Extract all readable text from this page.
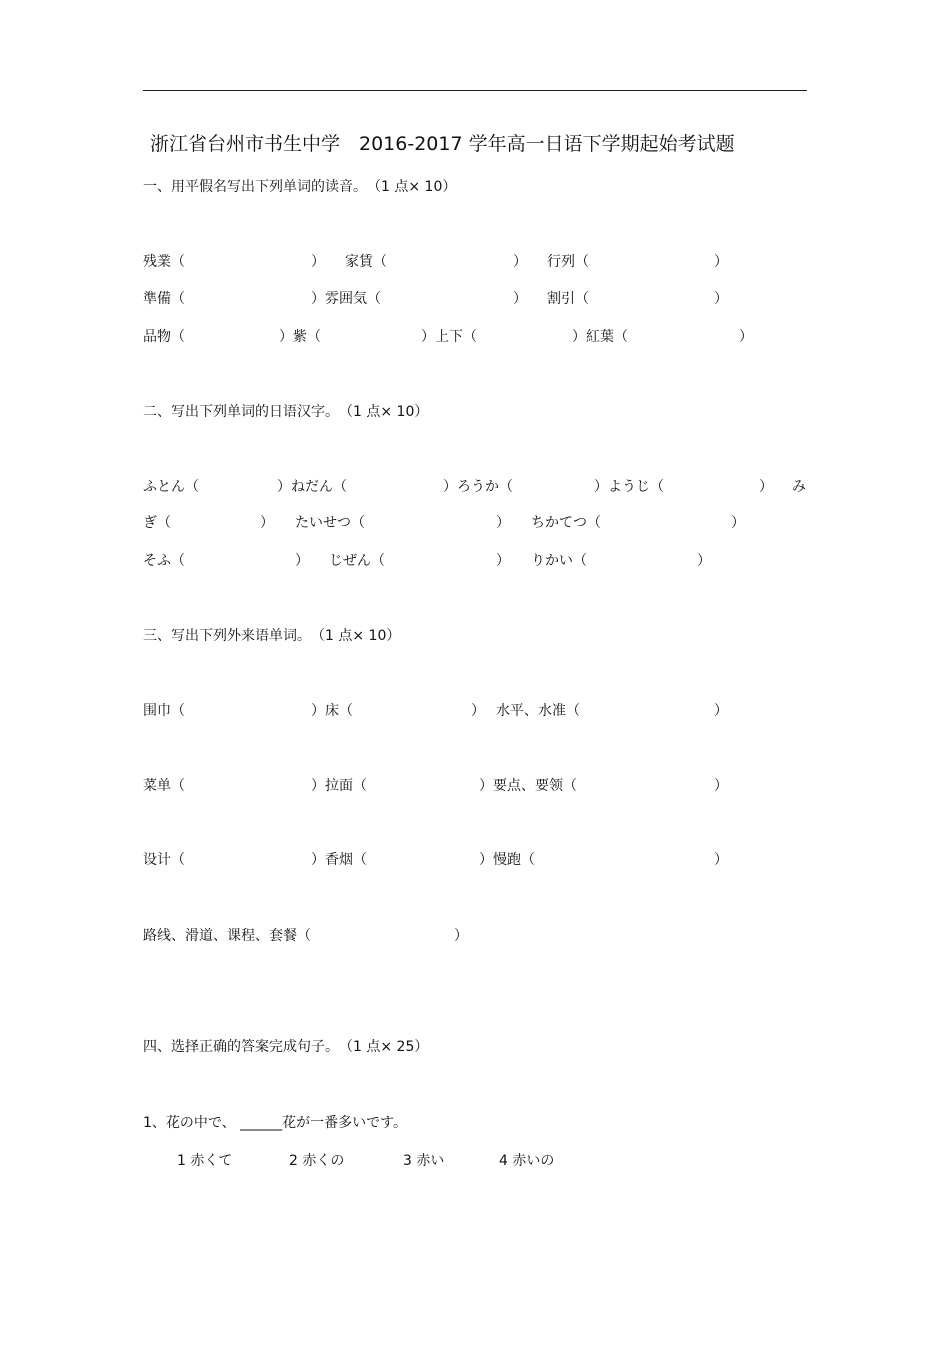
浙江省台州市书生中学　2016-2017 学年高一日语下学期起始考试题
一、用平假名写出下列单词的读音。　（1 点× 10）
残業（	） 家賃（	） 行列（	）
準備（	）雰囲気（	） 割引（	）
品物（	）紫（	）上下（	）紅葉（	）
二、写出下列单词的日语汉字。　（1 点× 10）
ふとん（	）ねだん（	）ろうか（	）ようじ（	） み
ぎ（	） たいせつ（	） ちかてつ（	）
そふ（	） じぜん（	） りかい（	）
三、写出下列外来语单词。　（1 点× 10）
围巾（	）床（	） 水平、水准（	）
菜单（	）拉面（	）要点、要领（	）
设计（	）香烟（	）慢跑（	）
路线、滑道、课程、套餐（	）
四、选择正确的答案完成句子。　（1 点× 25）
1、花の中で、 ______花が一番多いです。
1 赤くて	2 赤くの	3 赤い	4 赤いの
